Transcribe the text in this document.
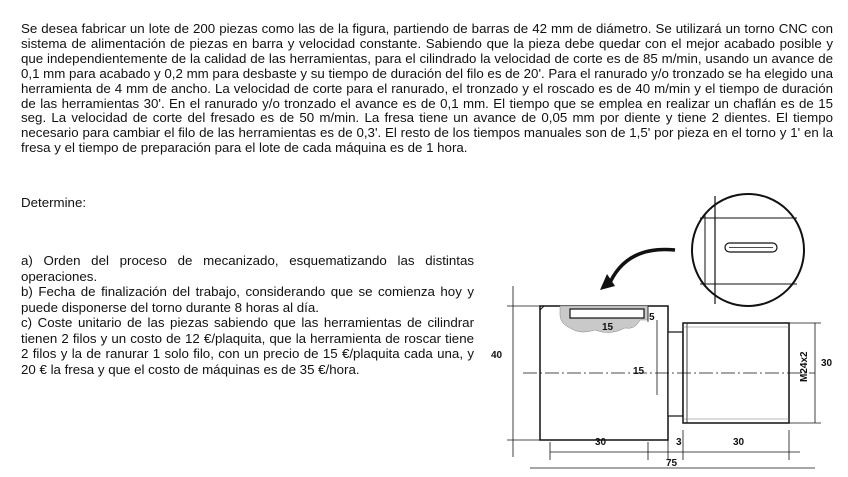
Se desea fabricar un lote de 200 piezas como las de la figura, partiendo de barras de 42 mm de diámetro. Se utilizará un torno CNC con sistema de alimentación de piezas en barra y velocidad constante. Sabiendo que la pieza debe quedar con el mejor acabado posible y que independientemente de la calidad de las herramientas, para el cilindrado la velocidad de corte es de 85 m/min, usando un avance de 0,1 mm para acabado y 0,2 mm para desbaste y su tiempo de duración del filo es de 20'. Para el ranurado y/o tronzado se ha elegido una herramienta de 4 mm de ancho. La velocidad de corte para el ranurado, el tronzado y el roscado es de 40 m/min y el tiempo de duración de las herramientas 30'. En el ranurado y/o tronzado el avance es de 0,1 mm. El tiempo que se emplea en realizar un chaflán es de 15 seg. La velocidad de corte del fresado es de 50 m/min. La fresa tiene un avance de 0,05 mm por diente y tiene 2 dientes. El tiempo necesario para cambiar el filo de las herramientas es de 0,3'. El resto de los tiempos manuales son de 1,5' por pieza en el torno y 1' en la fresa y el tiempo de preparación para el lote de cada máquina es de 1 hora.
Determine:

a) Orden del proceso de mecanizado, esquematizando las distintas operaciones.

b) Fecha de finalización del trabajo, considerando que se comienza hoy y puede disponerse del torno durante 8 horas al día.

c) Coste unitario de las piezas sabiendo que las herramientas de cilindrar tienen 2 filos y un costo de 12 €/plaquita, que la herramienta de roscar tiene 2 filos y la de ranurar 1 solo filo, con un precio de 15 €/plaquita cada una, y 20 € la fresa y que el costo de máquinas es de 35 €/hora.

40
15
5
15	M24x2 30
30	3	30
75
